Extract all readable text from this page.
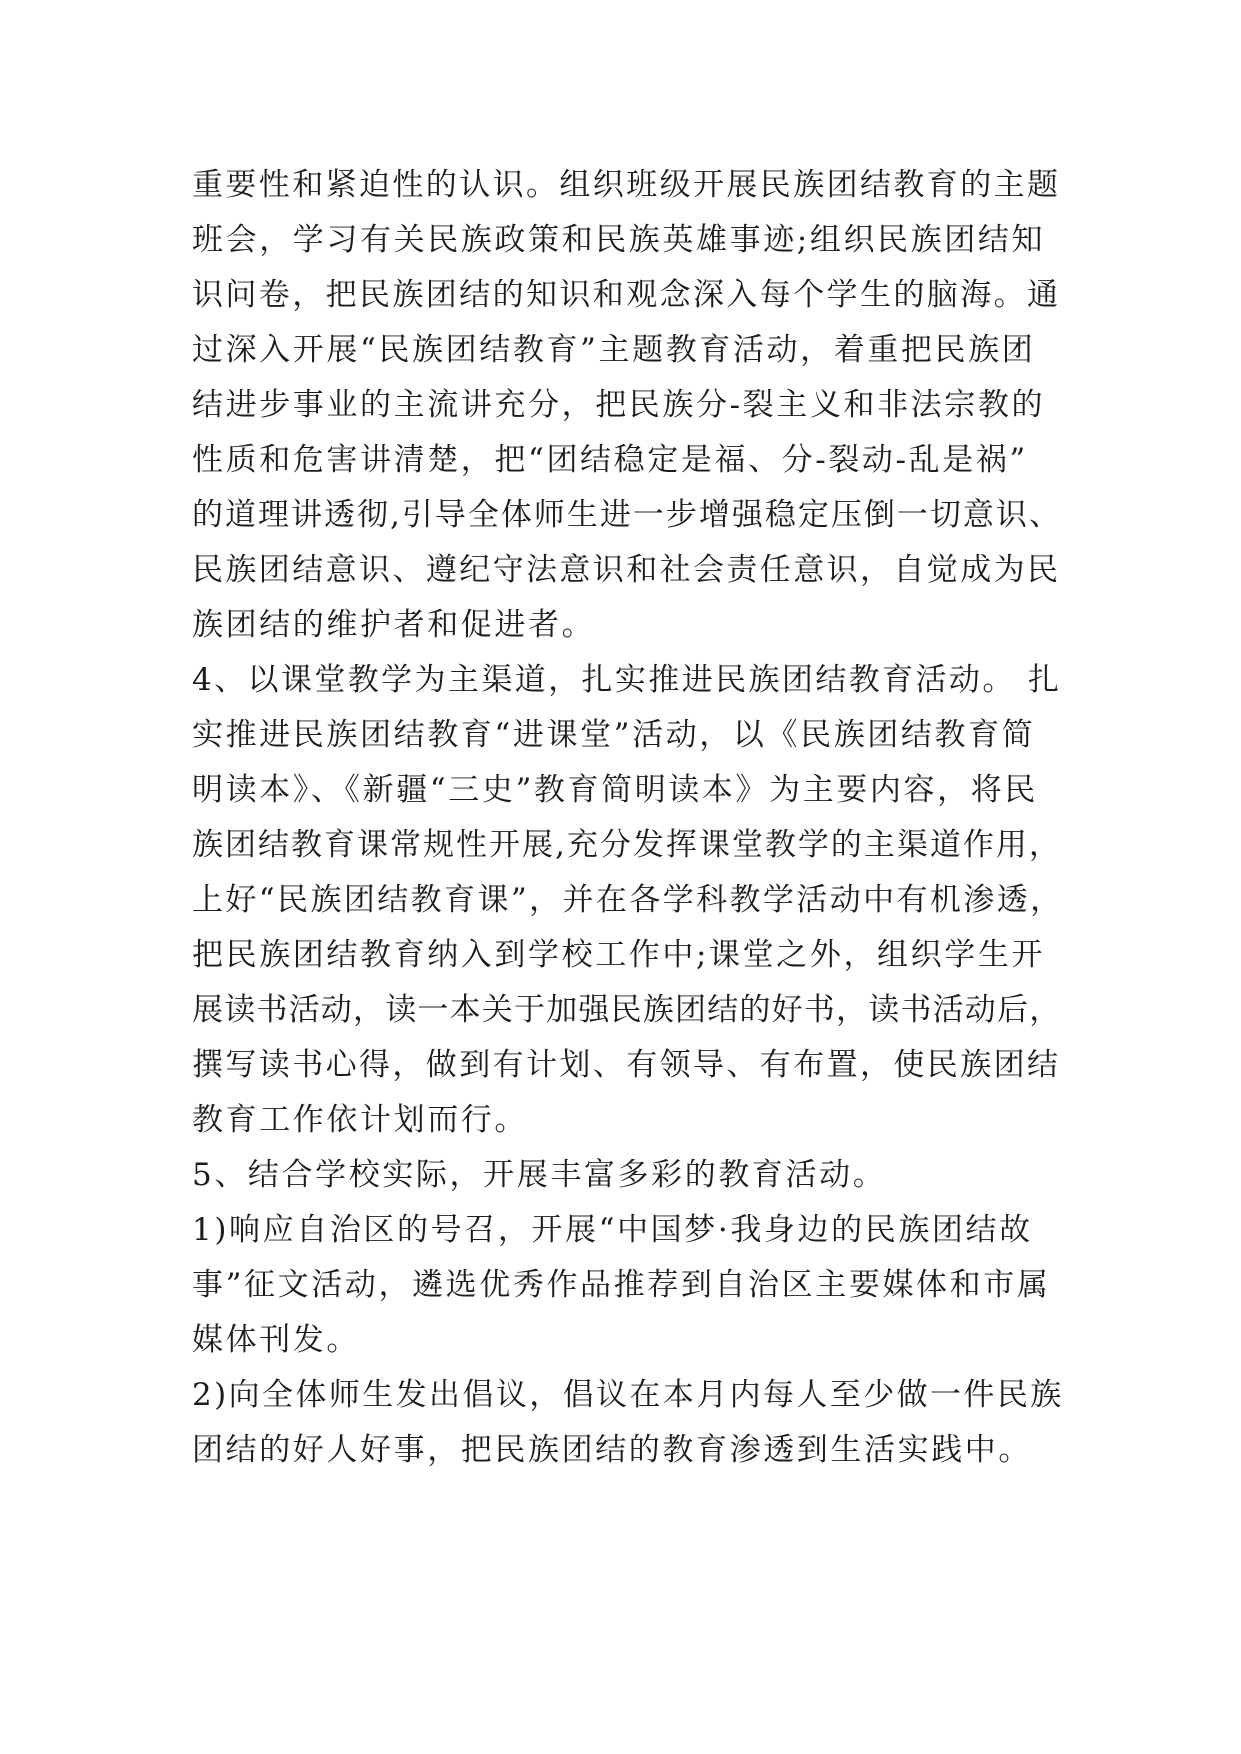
重要性和紧迫性的认识。组织班级开展民族团结教育的主题
班会，学习有关民族政策和民族英雄事迹;组织民族团结知
识问卷，把民族团结的知识和观念深入每个学生的脑海。通
过深入开展“民族团结教育”主题教育活动，着重把民族团
结进步事业的主流讲充分，把民族分-裂主义和非法宗教的
性质和危害讲清楚，把“团结稳定是福、分-裂动-乱是祸”
的道理讲透彻,引导全体师生进一步增强稳定压倒一切意识、
民族团结意识、遵纪守法意识和社会责任意识，自觉成为民
族团结的维护者和促进者。
4、以课堂教学为主渠道，扎实推进民族团结教育活动。 扎
实推进民族团结教育“进课堂”活动，以《民族团结教育简
明读本》、《新疆“三史”教育简明读本》为主要内容，将民
族团结教育课常规性开展,充分发挥课堂教学的主渠道作用，
上好“民族团结教育课”，并在各学科教学活动中有机渗透，
把民族团结教育纳入到学校工作中;课堂之外，组织学生开
展读书活动，读一本关于加强民族团结的好书，读书活动后，
撰写读书心得，做到有计划、有领导、有布置，使民族团结
教育工作依计划而行。
5、结合学校实际，开展丰富多彩的教育活动。
1)响应自治区的号召，开展“中国梦·我身边的民族团结故
事”征文活动，遴选优秀作品推荐到自治区主要媒体和市属
媒体刊发。
2)向全体师生发出倡议，倡议在本月内每人至少做一件民族
团结的好人好事，把民族团结的教育渗透到生活实践中。
